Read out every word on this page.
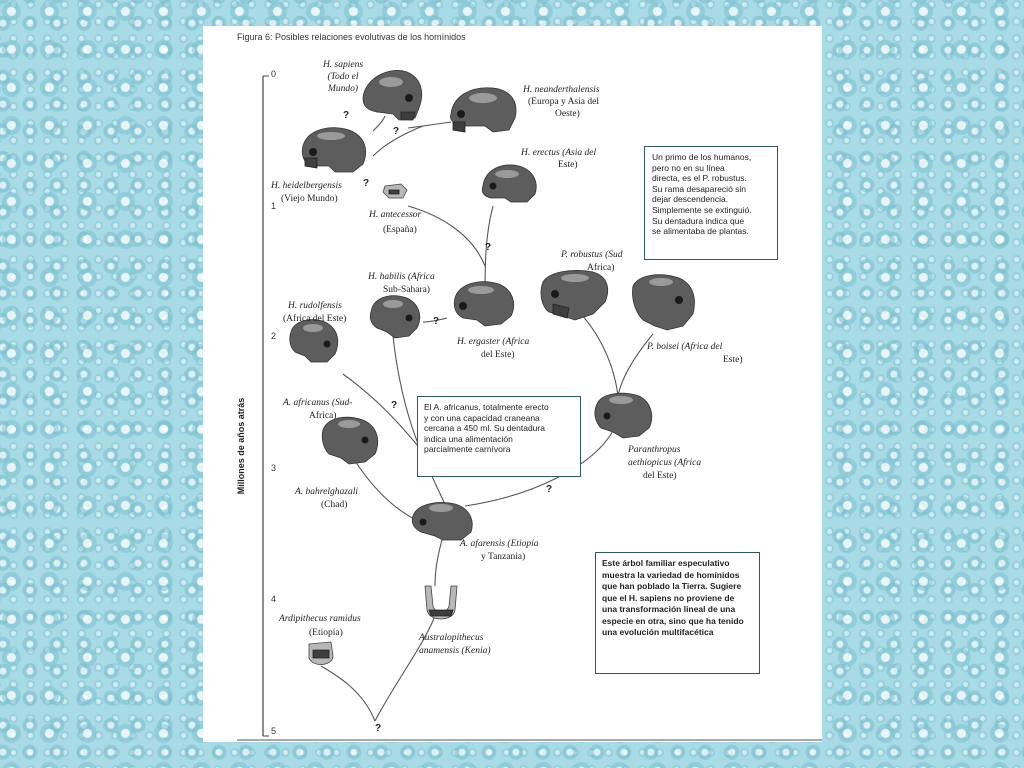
Figura 6: Posibles relaciones evolutivas de los homínidos
0
1
2
3
4
5
Millones de años atrás
?
?
?
?
?
?
?
?
H. sapiens
(Todo el
Mundo)	H. neanderthalensis
(Europa y Asia del
Oeste)
H. heidelbergensis
(Viejo Mundo)
H. antecessor
(España)
H. erectus (Asia del
Este)
H. habilis (Africa
Sub-Sahara)
H. rudolfensis
(Africa del Este)
H. ergaster (Africa
del Este)
P. robustus (Sud
Africa)
P. boisei (Africa del
Este)
A. africanus (Sud-
Africa)
A. bahrelghazali
(Chad)
Paranthropus
aethiopicus (Africa
del Este)
A. afarensis (Etiopía
y Tanzania)
Ardipithecus ramidus
(Etiopía)	Australopithecus
anamensis (Kenia)
Un primo de los humanos,
pero no en su línea
directa, es el P. robustus.
Su rama desapareció sin
dejar descendencia.
Simplemente se extinguió.
Su dentadura indica que
se alimentaba de plantas.
El A. africanus, totalmente erecto
y con una capacidad craneana
cercana a 450 ml. Su dentadura
indica una alimentación
parcialmente carnívora
Este árbol familiar especulativo
muestra la variedad de homínidos
que han poblado la Tierra. Sugiere
que el H. sapiens no proviene de
una transformación lineal de una
especie en otra, sino que ha tenido
una evolución multifacética
